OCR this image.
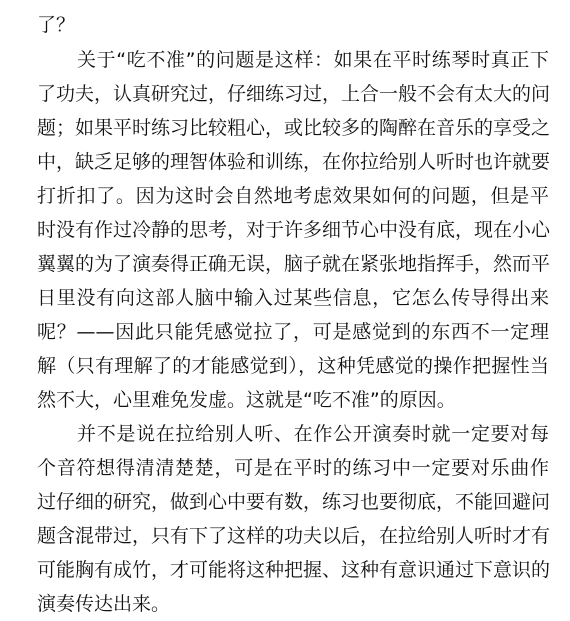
了？
关于“吃不准”的问题是这样：如果在平时练琴时真正下
了功夫，认真研究过，仔细练习过，上合一般不会有太大的问
题；如果平时练习比较粗心，或比较多的陶醉在音乐的享受之
中，缺乏足够的理智体验和训练，在你拉给别人听时也许就要
打折扣了。因为这时会自然地考虑效果如何的问题，但是平
时没有作过冷静的思考，对于许多细节心中没有底，现在小心
翼翼的为了演奏得正确无误，脑子就在紧张地指挥手，然而平
日里没有向这部人脑中输入过某些信息，它怎么传导得出来
呢？——因此只能凭感觉拉了，可是感觉到的东西不一定理
解（只有理解了的才能感觉到），这种凭感觉的操作把握性当
然不大，心里难免发虚。这就是“吃不准”的原因。
并不是说在拉给别人听、在作公开演奏时就一定要对每
个音符想得清清楚楚，可是在平时的练习中一定要对乐曲作
过仔细的研究，做到心中要有数，练习也要彻底，不能回避问
题含混带过，只有下了这样的功夫以后，在拉给别人听时才有
可能胸有成竹，才可能将这种把握、这种有意识通过下意识的
演奏传达出来。
